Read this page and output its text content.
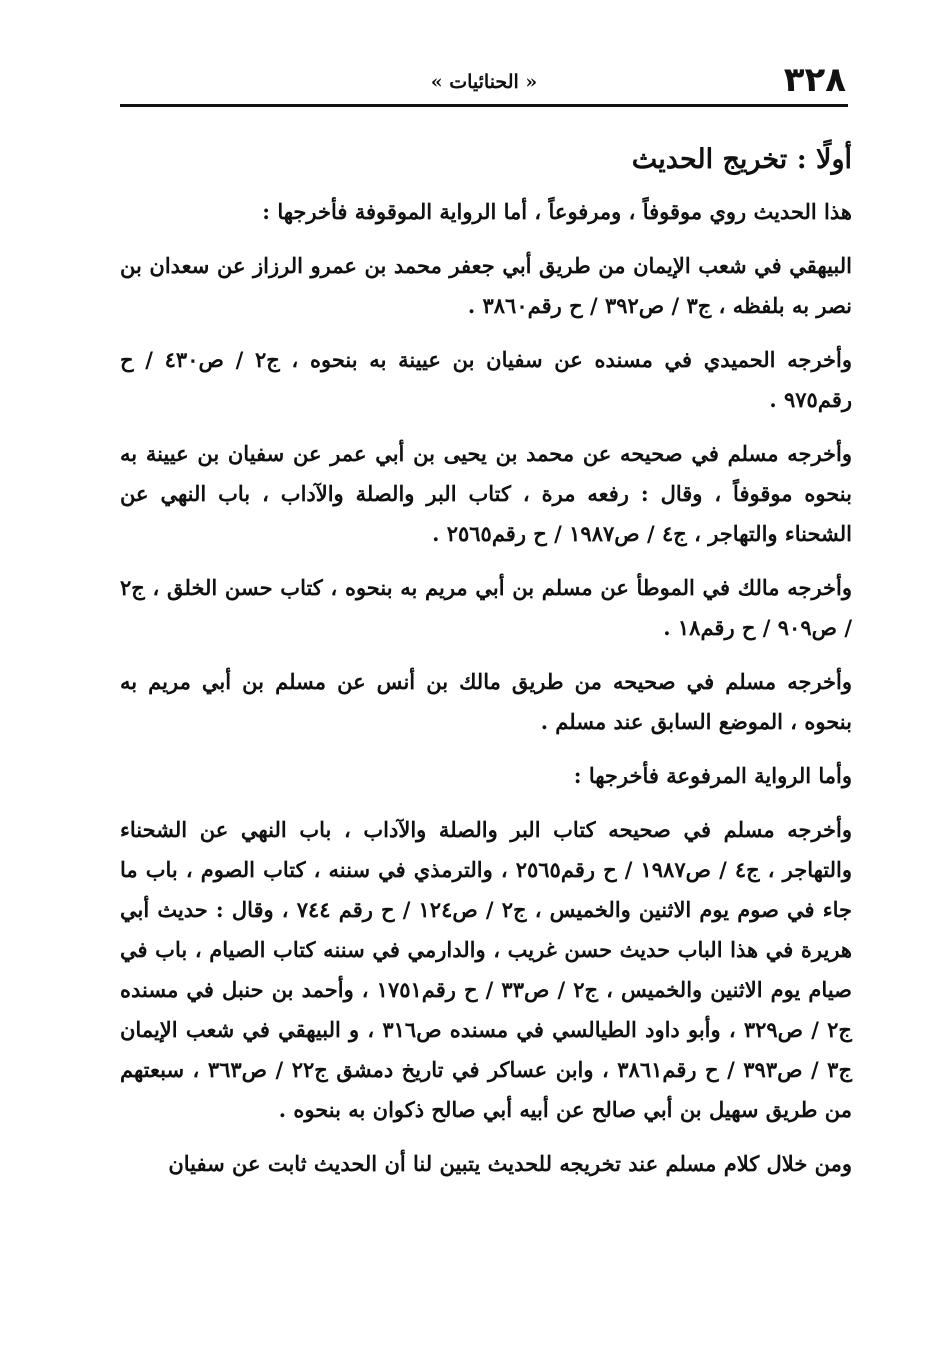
٣٢٨
« الحنائيات »
أولًا : تخريج الحديث

هذا الحديث روي موقوفاً ، ومرفوعاً ، أما الرواية الموقوفة فأخرجها :

البيهقي في شعب الإيمان من طريق أبي جعفر محمد بن عمرو الرزاز عن سعدان بن نصر به بلفظه ، ج٣ / ص٣٩٢ / ح رقم٣٨٦٠ .

وأخرجه الحميدي في مسنده عن سفيان بن عيينة به بنحوه ، ج٢ / ص٤٣٠ / ح رقم٩٧٥ .

وأخرجه مسلم في صحيحه عن محمد بن يحيى بن أبي عمر عن سفيان بن عيينة به بنحوه موقوفاً ، وقال : رفعه مرة ، كتاب البر والصلة والآداب ، باب النهي عن الشحناء والتهاجر ، ج٤ / ص١٩٨٧ / ح رقم٢٥٦٥ .

وأخرجه مالك في الموطأ عن مسلم بن أبي مريم به بنحوه ، كتاب حسن الخلق ، ج٢ / ص٩٠٩ / ح رقم١٨ .

وأخرجه مسلم في صحيحه من طريق مالك بن أنس عن مسلم بن أبي مريم به بنحوه ، الموضع السابق عند مسلم .

وأما الرواية المرفوعة فأخرجها :

وأخرجه مسلم في صحيحه كتاب البر والصلة والآداب ، باب النهي عن الشحناء والتهاجر ، ج٤ / ص١٩٨٧ / ح رقم٢٥٦٥ ، والترمذي في سننه ، كتاب الصوم ، باب ما جاء في صوم يوم الاثنين والخميس ، ج٢ / ص١٢٤ / ح رقم ٧٤٤ ، وقال : حديث أبي هريرة في هذا الباب حديث حسن غريب ، والدارمي في سننه كتاب الصيام ، باب في صيام يوم الاثنين والخميس ، ج٢ / ص٣٣ / ح رقم١٧٥١ ، وأحمد بن حنبل في مسنده ج٢ / ص٣٢٩ ، وأبو داود الطيالسي في مسنده ص٣١٦ ، و البيهقي في شعب الإيمان ج٣ / ص٣٩٣ / ح رقم٣٨٦١ ، وابن عساكر في تاريخ دمشق ج٢٢ / ص٣٦٣ ، سبعتهم من طريق سهيل بن أبي صالح عن أبيه أبي صالح ذكوان به بنحوه .

ومن خلال كلام مسلم عند تخريجه للحديث يتبين لنا أن الحديث ثابت عن سفيان
